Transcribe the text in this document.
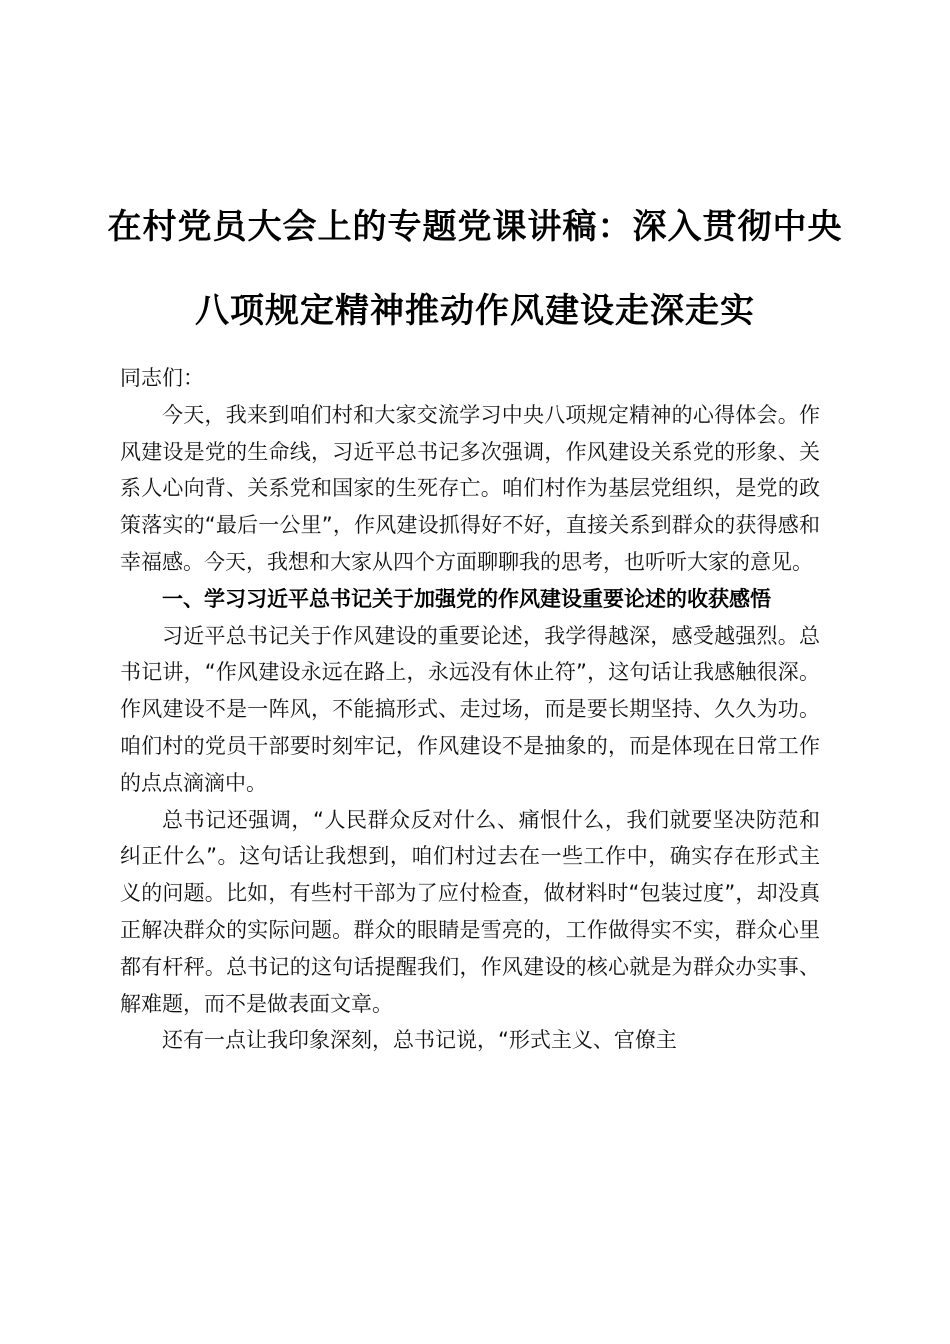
在村党员大会上的专题党课讲稿：深入贯彻中央八项规定精神推动作风建设走深走实

同志们：

今天，我来到咱们村和大家交流学习中央八项规定精神的心得体会。作风建设是党的生命线，习近平总书记多次强调，作风建设关系党的形象、关系人心向背、关系党和国家的生死存亡。咱们村作为基层党组织，是党的政策落实的“最后一公里”，作风建设抓得好不好，直接关系到群众的获得感和幸福感。今天，我想和大家从四个方面聊聊我的思考，也听听大家的意见。

一、学习习近平总书记关于加强党的作风建设重要论述的收获感悟

习近平总书记关于作风建设的重要论述，我学得越深，感受越强烈。总书记讲，“作风建设永远在路上，永远没有休止符”，这句话让我感触很深。作风建设不是一阵风，不能搞形式、走过场，而是要长期坚持、久久为功。咱们村的党员干部要时刻牢记，作风建设不是抽象的，而是体现在日常工作的点点滴滴中。

总书记还强调，“人民群众反对什么、痛恨什么，我们就要坚决防范和纠正什么”。这句话让我想到，咱们村过去在一些工作中，确实存在形式主义的问题。比如，有些村干部为了应付检查，做材料时“包装过度”，却没真正解决群众的实际问题。群众的眼睛是雪亮的，工作做得实不实，群众心里都有杆秤。总书记的这句话提醒我们，作风建设的核心就是为群众办实事、解难题，而不是做表面文章。

还有一点让我印象深刻，总书记说，“形式主义、官僚主
